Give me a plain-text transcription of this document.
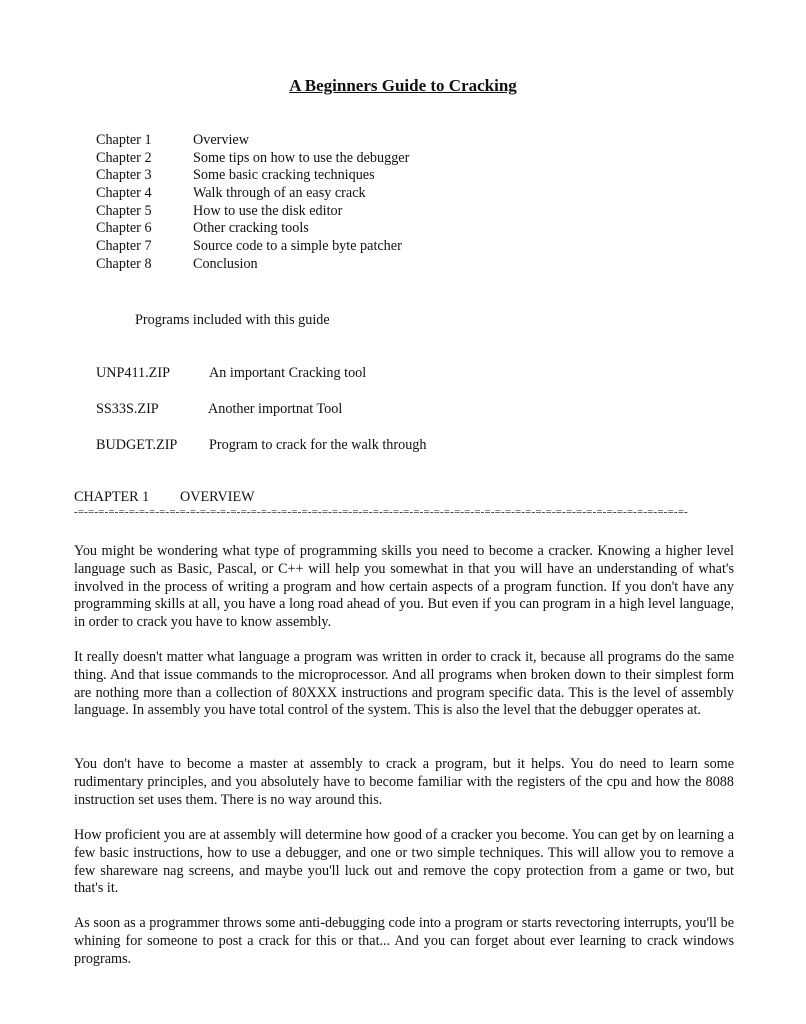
A Beginners Guide to Cracking
Chapter 1	Overview
Chapter 2	Some tips on how to use the debugger
Chapter 3	Some basic cracking techniques
Chapter 4	Walk through of an easy crack
Chapter 5	How to use the disk editor
Chapter 6	Other cracking tools
Chapter 7	Source code to a simple byte patcher
Chapter 8	Conclusion
Programs included with this guide
UNP411.ZIP	An important Cracking tool
SS33S.ZIP	Another importnat Tool
BUDGET.ZIP Program to crack for the walk through
CHAPTER 1 OVERVIEW
-=-=-=-=-=-=-=-=-=-=-=-=-=-=-=-=-=-=-=-=-=-=-=-=-=-=-=-=-=-=-=-=-=-=-=-=-=-=-=-=-=-=-=-=-=-=-=-=-=-=-=-=-=-=-=-=-=-=-=-=-

You might be wondering what type of programming skills you need to become a cracker. Knowing a higher level language such as Basic, Pascal, or C++ will help you somewhat in that you will have an understanding of what's involved in the process of writing a program and how certain aspects of a program function. If you don't have any programming skills at all, you have a long road ahead of you. But even if you can program in a high level language, in order to crack you have to know assembly.

It really doesn't matter what language a program was written in order to crack it, because all programs do the same thing. And that issue commands to the microprocessor. And all programs when broken down to their simplest form are nothing more than a collection of 80XXX instructions and program specific data. This is the level of assembly language. In assembly you have total control of the system. This is also the level that the debugger operates at.

You don't have to become a master at assembly to crack a program, but it helps. You do need to learn some rudimentary principles, and you absolutely have to become familiar with the registers of the cpu and how the 8088 instruction set uses them. There is no way around this.

How proficient you are at assembly will determine how good of a cracker you become. You can get by on learning a few basic instructions, how to use a debugger, and one or two simple techniques. This will allow you to remove a few shareware nag screens, and maybe you'll luck out and remove the copy protection from a game or two, but that's it.

As soon as a programmer throws some anti-debugging code into a program or starts revectoring interrupts, you'll be whining for someone to post a crack for this or that... And you can forget about ever learning to crack windows programs.
